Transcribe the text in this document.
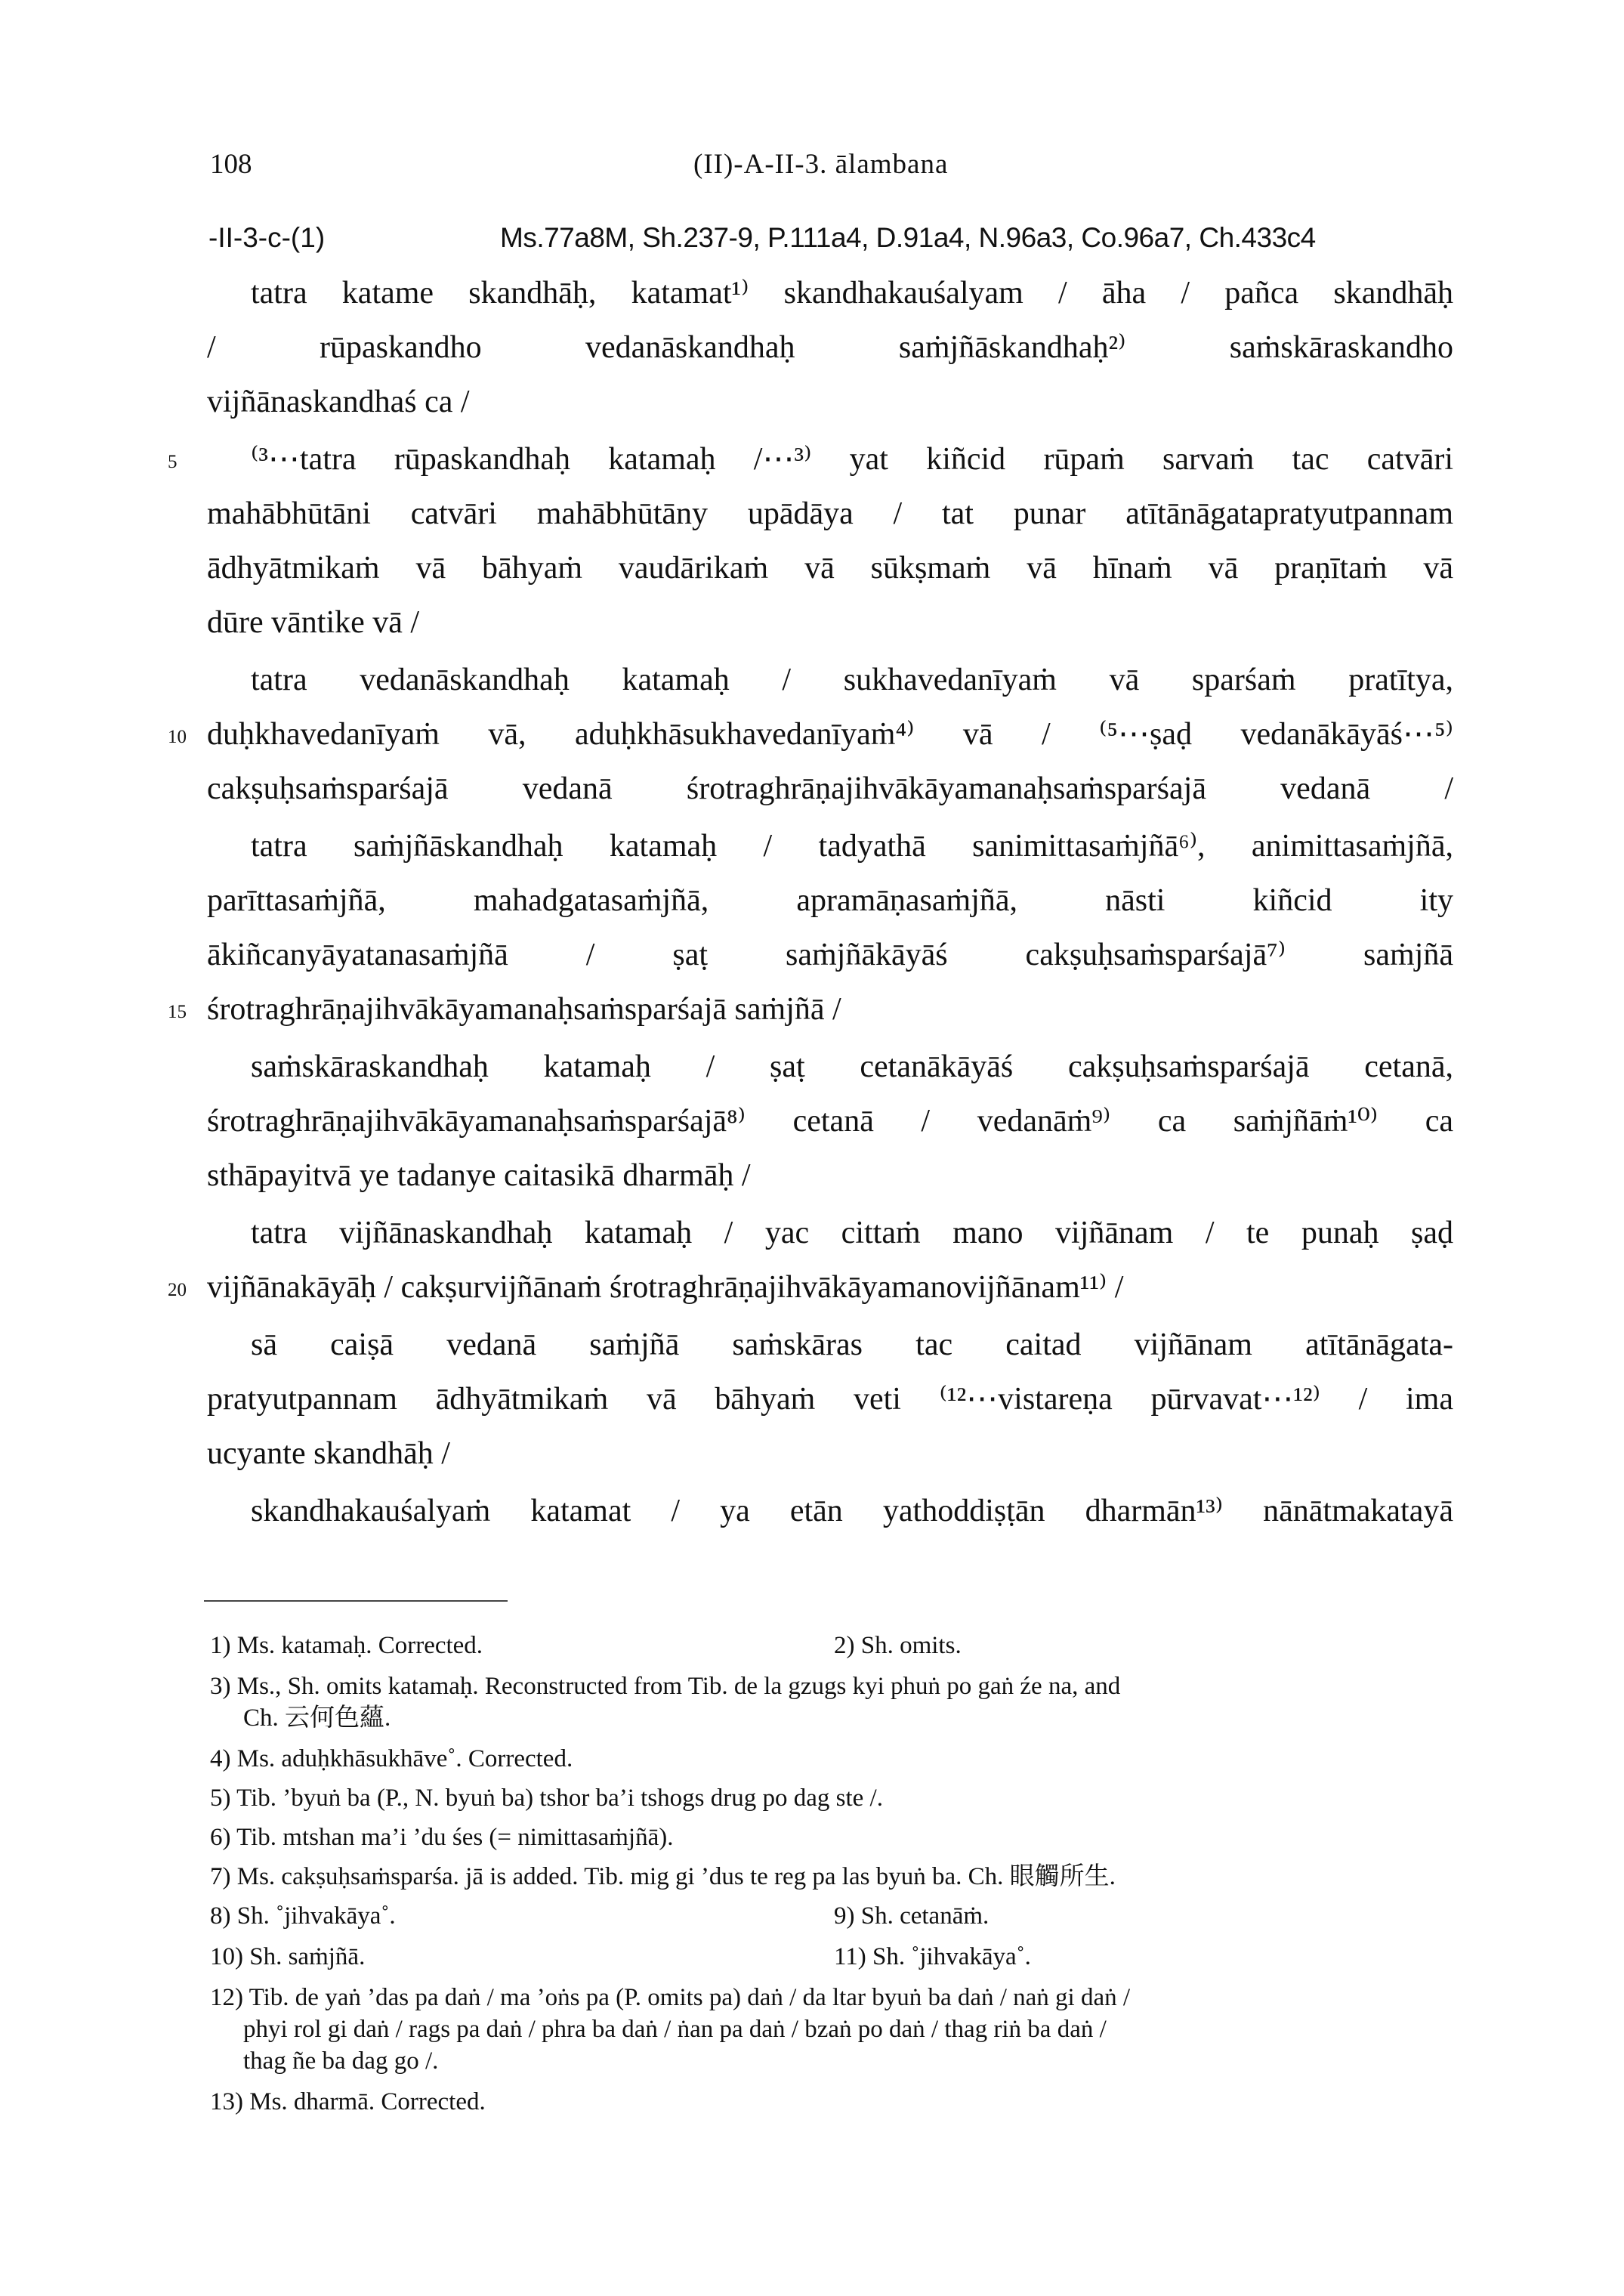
108	(II)-A-II-3. ālambana
-II-3-c-(1)	Ms.77a8M, Sh.237-9, P.111a4, D.91a4, N.96a3, Co.96a7, Ch.433c4
tatra katame skandhāḥ, katamat¹⁾ skandhakauśalyam / āha / pañca skandhāḥ
/ rūpaskandho vedanāskandhaḥ saṁjñāskandhaḥ²⁾ saṁskāraskandho
vijñānaskandhaś ca /
5 ⁽³⋯tatra rūpaskandhaḥ katamaḥ /⋯³⁾ yat kiñcid rūpaṁ sarvaṁ tac catvāri
mahābhūtāni catvāri mahābhūtāny upādāya / tat punar atītānāgatapratyutpannam
ādhyātmikaṁ vā bāhyaṁ vaudārikaṁ vā sūkṣmaṁ vā hīnaṁ vā praṇītaṁ vā
dūre vāntike vā /
tatra vedanāskandhaḥ katamaḥ / sukhavedanīyaṁ vā sparśaṁ pratītya,
10 duḥkhavedanīyaṁ vā, aduḥkhāsukhavedanīyaṁ⁴⁾ vā / ⁽⁵⋯ṣaḍ vedanākāyāś⋯⁵⁾
cakṣuḥsaṁsparśajā vedanā śrotraghrāṇajihvākāyamanaḥsaṁsparśajā vedanā /
tatra saṁjñāskandhaḥ katamaḥ / tadyathā sanimittasaṁjñā⁶⁾, animittasaṁjñā,
parīttasaṁjñā, mahadgatasaṁjñā, apramāṇasaṁjñā, nāsti kiñcid ity
ākiñcanyāyatanasaṁjñā / ṣaṭ saṁjñākāyāś cakṣuḥsaṁsparśajā⁷⁾ saṁjñā
15 śrotraghrāṇajihvākāyamanaḥsaṁsparśajā saṁjñā /
saṁskāraskandhaḥ katamaḥ / ṣaṭ cetanākāyāś cakṣuḥsaṁsparśajā cetanā,
śrotraghrāṇajihvākāyamanaḥsaṁsparśajā⁸⁾ cetanā / vedanāṁ⁹⁾ ca saṁjñāṁ¹⁰⁾ ca
sthāpayitvā ye tadanye caitasikā dharmāḥ /
tatra vijñānaskandhaḥ katamaḥ / yac cittaṁ mano vijñānam / te punaḥ ṣaḍ
20 vijñānakāyāḥ / cakṣurvijñānaṁ śrotraghrāṇajihvākāyamanovijñānam¹¹⁾ /
sā caiṣā vedanā saṁjñā saṁskāras tac caitad vijñānam atītānāgata-
pratyutpannam ādhyātmikaṁ vā bāhyaṁ veti ⁽¹²⋯vistareṇa pūrvavat⋯¹²⁾ / ima
ucyante skandhāḥ /
skandhakauśalyaṁ katamat / ya etān yathoddiṣṭān dharmān¹³⁾ nānātmakatayā
1) Ms. katamaḥ. Corrected.	2) Sh. omits.
3) Ms., Sh. omits katamaḥ. Reconstructed from Tib. de la gzugs kyi phuṅ po gaṅ źe na, and
Ch. 云何色蘊.
4) Ms. aduḥkhāsukhāve˚. Corrected.
5) Tib. ’byuṅ ba (P., N. byuṅ ba) tshor ba’i tshogs drug po dag ste /.
6) Tib. mtshan ma’i ’du śes (= nimittasaṁjñā).
7) Ms. cakṣuḥsaṁsparśa. jā is added. Tib. mig gi ’dus te reg pa las byuṅ ba. Ch. 眼觸所生.
8) Sh. ˚jihvakāya˚.	9) Sh. cetanāṁ.
10) Sh. saṁjñā.	11) Sh. ˚jihvakāya˚.
12) Tib. de yaṅ ’das pa daṅ / ma ’oṅs pa (P. omits pa) daṅ / da ltar byuṅ ba daṅ / naṅ gi daṅ /
phyi rol gi daṅ / rags pa daṅ / phra ba daṅ / ṅan pa daṅ / bzaṅ po daṅ / thag riṅ ba daṅ /
thag ñe ba dag go /.
13) Ms. dharmā. Corrected.
